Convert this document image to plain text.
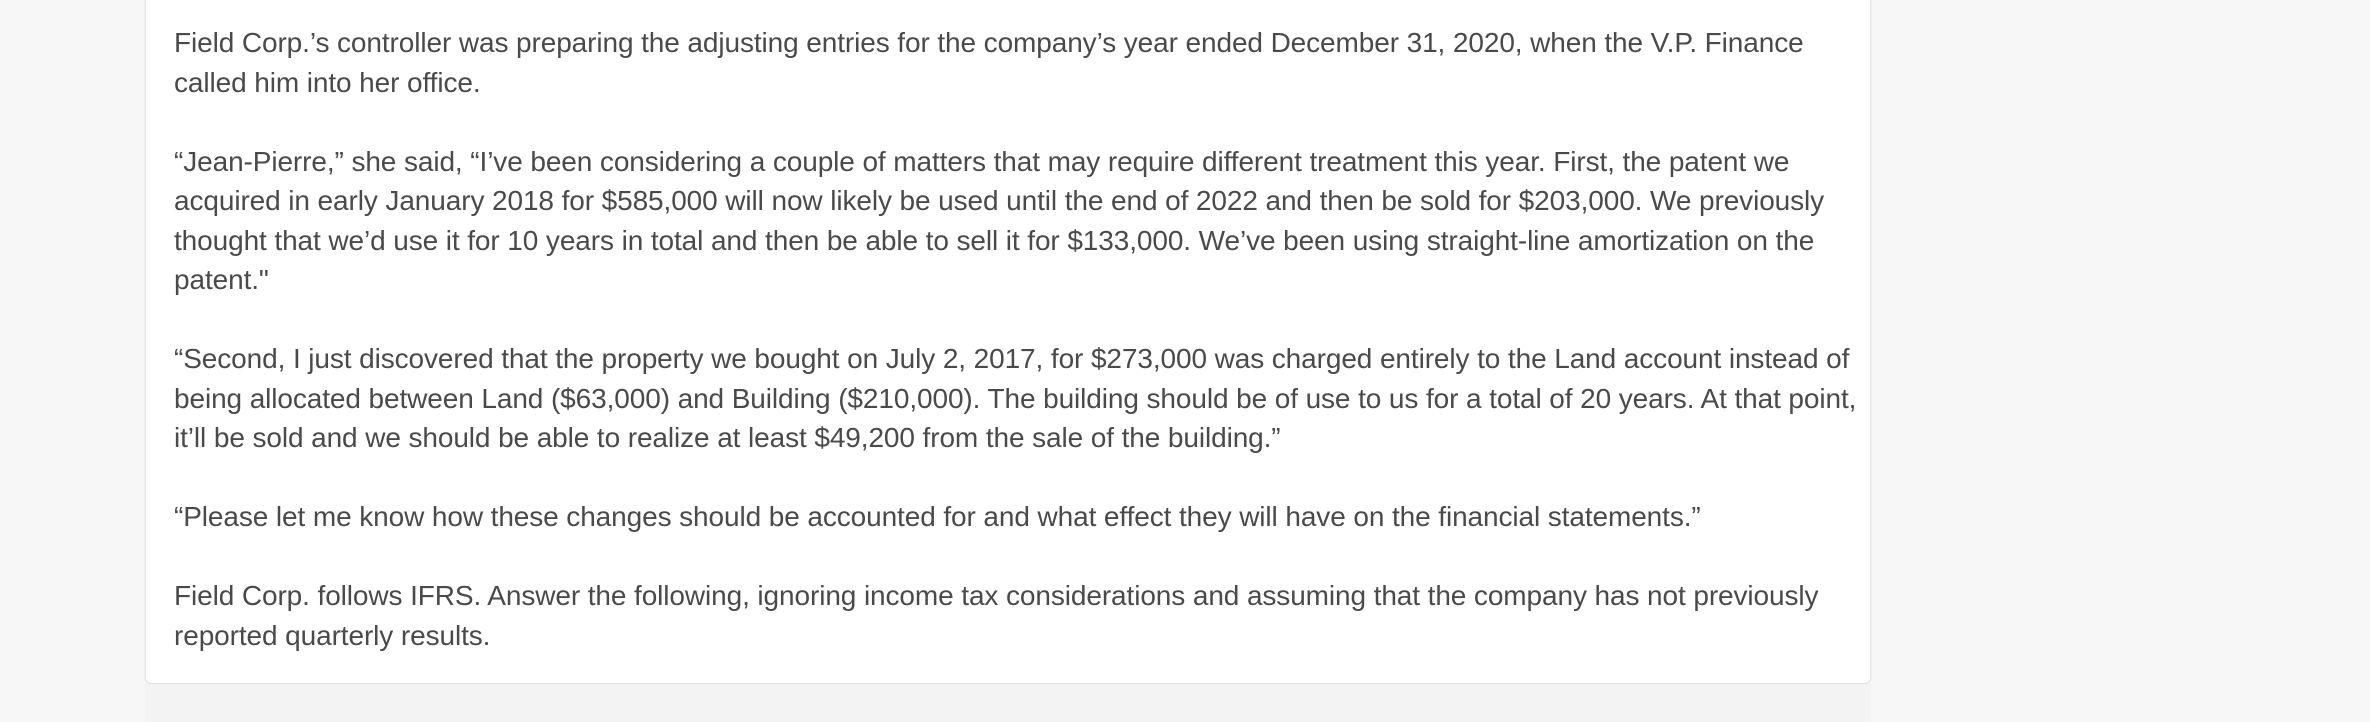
Field Corp.’s controller was preparing the adjusting entries for the company’s year ended December 31, 2020, when the V.P. Finance called him into her office.

“Jean-Pierre,” she said, “I’ve been considering a couple of matters that may require different treatment this year. First, the patent we acquired in early January 2018 for $585,000 will now likely be used until the end of 2022 and then be sold for $203,000. We previously thought that we’d use it for 10 years in total and then be able to sell it for $133,000. We’ve been using straight-line amortization on the patent."

“Second, I just discovered that the property we bought on July 2, 2017, for $273,000 was charged entirely to the Land account instead of being allocated between Land ($63,000) and Building ($210,000). The building should be of use to us for a total of 20 years. At that point, it’ll be sold and we should be able to realize at least $49,200 from the sale of the building.”

“Please let me know how these changes should be accounted for and what effect they will have on the financial statements.”

Field Corp. follows IFRS. Answer the following, ignoring income tax considerations and assuming that the company has not previously reported quarterly results.
